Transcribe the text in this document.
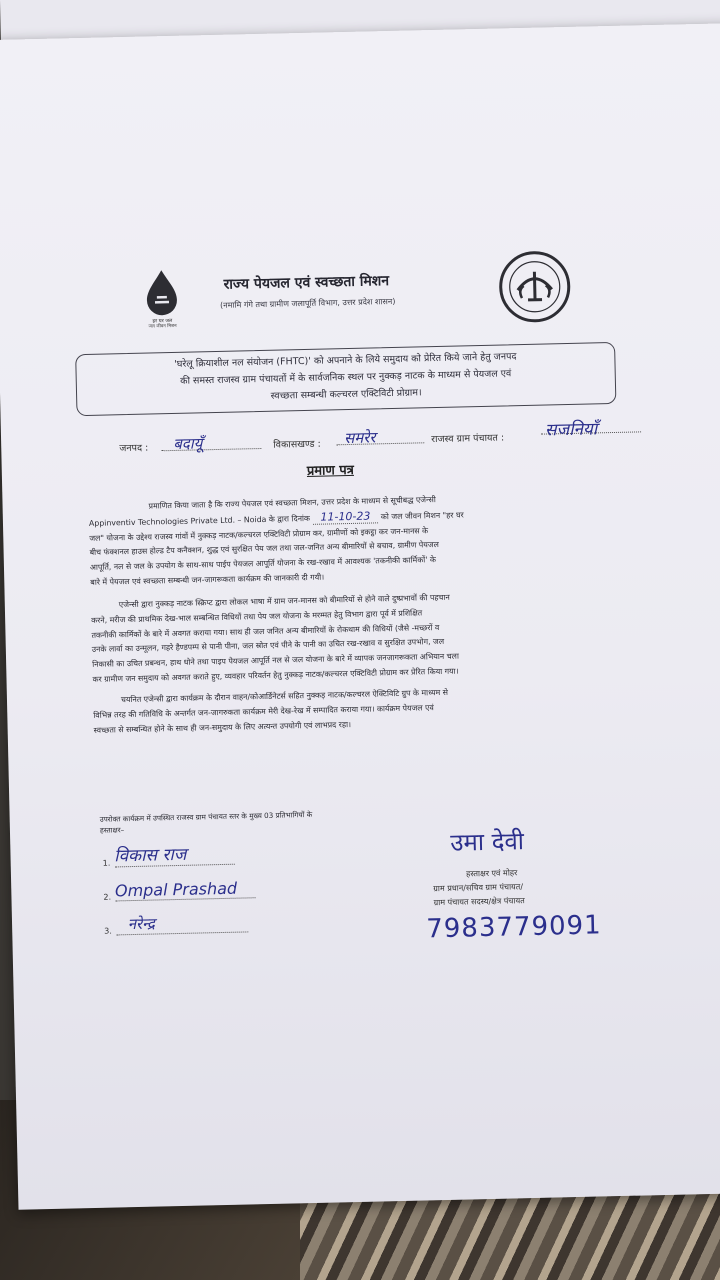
हर घर जल
जल जीवन मिशन
राज्य पेयजल एवं स्वच्छता मिशन
(नमामि गंगे तथा ग्रामीण जलापूर्ति विभाग, उत्तर प्रदेश शासन)
'घरेलू क्रियाशील नल संयोजन (FHTC)' को अपनाने के लिये समुदाय को प्रेरित किये जाने हेतु जनपद
की समस्त राजस्व ग्राम पंचायतों में के सार्वजनिक स्थल पर नुक्कड़ नाटक के माध्यम से पेयजल एवं
स्वच्छता सम्बन्धी कल्चरल एक्टिविटी प्रोग्राम।
जनपद :	बदायूँ	विकासखण्ड :	समरेर	राजस्व ग्राम पंचायत : सजनियाँ
प्रमाण पत्र
प्रमाणित किया जाता है कि राज्य पेयजल एवं स्वच्छता मिशन, उत्तर प्रदेश के माध्यम से सूचीबद्ध एजेन्सी
Appinventiv Technologies Private Ltd. – Noida के द्वारा दिनांक 11-10-23 को जल जीवन मिशन "हर घर
जल" योजना के उद्देश्य राजस्व गांवों में नुक्कड़ नाटक/कल्चरल एक्टिविटी प्रोग्राम कर, ग्रामीणों को इकट्ठा कर जन-मानस के
बीच फंक्शनल हाउस होल्ड टैप कनैक्शन, शुद्ध एवं सुरक्षित पेय जल तथा जल-जनित अन्य बीमारियों से बचाव, ग्रामीण पेयजल
आपूर्ति, नल से जल के उपयोग के साथ-साथ पाईप पेयजल आपूर्ति योजना के रख-रखाव में आवश्यक 'तकनीकी कार्मिकों' के
बारे में पेयजल एवं स्वच्छता सम्बन्धी जन-जागरूकता कार्यक्रम की जानकारी दी गयी।
एजेन्सी द्वारा नुक्कड़ नाटक स्क्रिप्ट द्वारा लोकल भाषा में ग्राम जन-मानस को बीमारियों से होने वाले दुष्प्रभावों की पहचान
करने, मरीज की प्राथमिक देख-भाल सम्बन्धित विधियों तथा पेय जल योजना के मरम्मत हेतु विभाग द्वारा पूर्व में प्रशिक्षित
तकनीकी कार्मिकों के बारे में अवगत कराया गया। साथ ही जल जनित अन्य बीमारियों के रोकथाम की विधियों (जैसे -मच्छरों व
उनके लार्वा का उन्मूलन, गहरे हैण्डपम्प से पानी पीना, जल स्रोत एवं पीने के पानी का उचित रख-रखाव व सुरक्षित उपभोग, जल
निकासी का उचित प्रबन्धन, हाथ धोने तथा पाइप पेयजल आपूर्ति नल से जल योजना के बारे में व्यापक जनजागरूकता अभियान चला
कर ग्रामीण जन समुदाय को अवगत कराते हुए, व्यवहार परिवर्तन हेतु नुक्कड़ नाटक/कल्चरल एक्टिविटी प्रोग्राम कर प्रेरित किया गया।
चयनित एजेन्सी द्वारा कार्यक्रम के दौरान वाहन/कोआर्डिनेटर्स सहित नुक्कड़ नाटक/कल्चरल ऐक्टिविटि ग्रुप के माध्यम से
विभिन्न तरह की गतिविधि के अन्तर्गत जन-जागरुकता कार्यक्रम मेरी देख-रेख में सम्पादित कराया गया। कार्यक्रम पेयजल एवं
स्वच्छता से सम्बन्धित होने के साथ ही जन-समुदाय के लिए अत्यन्त उपयोगी एवं लाभप्रद रहा।
उपरोक्त कार्यक्रम में उपस्थित राजस्व ग्राम पंचायत स्तर के मुख्य 03 प्रतिभागियों के
हस्ताक्षर–
1. विकास राज
2. Ompal Prashad
3.	नरेन्द्र
उमा देवी
हस्ताक्षर एवं मोहर
ग्राम प्रधान/सचिव ग्राम पंचायत/
ग्राम पंचायत सदस्य/क्षेत्र पंचायत
7983779091
